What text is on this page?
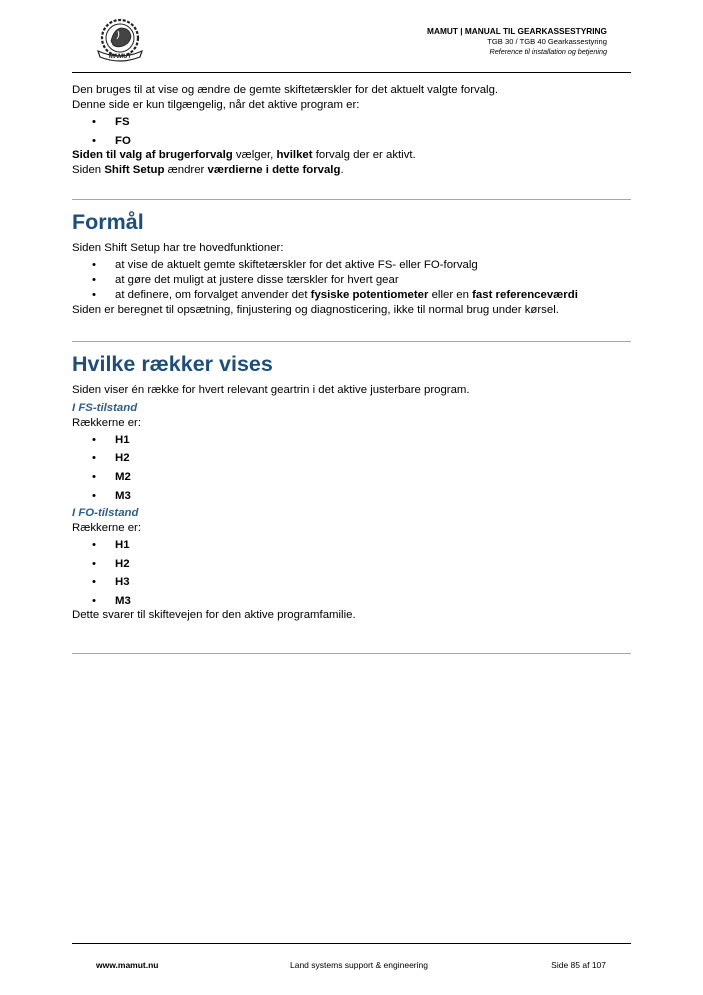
MAMUT
MAMUT | MANUAL TIL GEARKASSESTYRING
TGB 30 / TGB 40 Gearkassestyring
Reference til installation og betjening

Den bruges til at vise og ændre de gemte skiftetærskler for det aktuelt valgte forvalg.

Denne side er kun tilgængelig, når det aktive program er:

• FS
• FO

Siden til valg af brugerforvalg vælger, hvilket forvalg der er aktivt.

Siden Shift Setup ændrer værdierne i dette forvalg.

Formål

Siden Shift Setup har tre hovedfunktioner:

• at vise de aktuelt gemte skiftetærskler for det aktive FS- eller FO-forvalg
• at gøre det muligt at justere disse tærskler for hvert gear
• at definere, om forvalget anvender det fysiske potentiometer eller en fast referenceværdi

Siden er beregnet til opsætning, finjustering og diagnosticering, ikke til normal brug under kørsel.

Hvilke rækker vises

Siden viser én række for hvert relevant geartrin i det aktive justerbare program.

I FS-tilstand

Rækkerne er:

• H1
• H2
• M2
• M3

I FO-tilstand

Rækkerne er:

• H1
• H2
• H3
• M3

Dette svarer til skiftevejen for den aktive programfamilie.

www.mamut.nu	Land systems support & engineering	Side 85 af 107
